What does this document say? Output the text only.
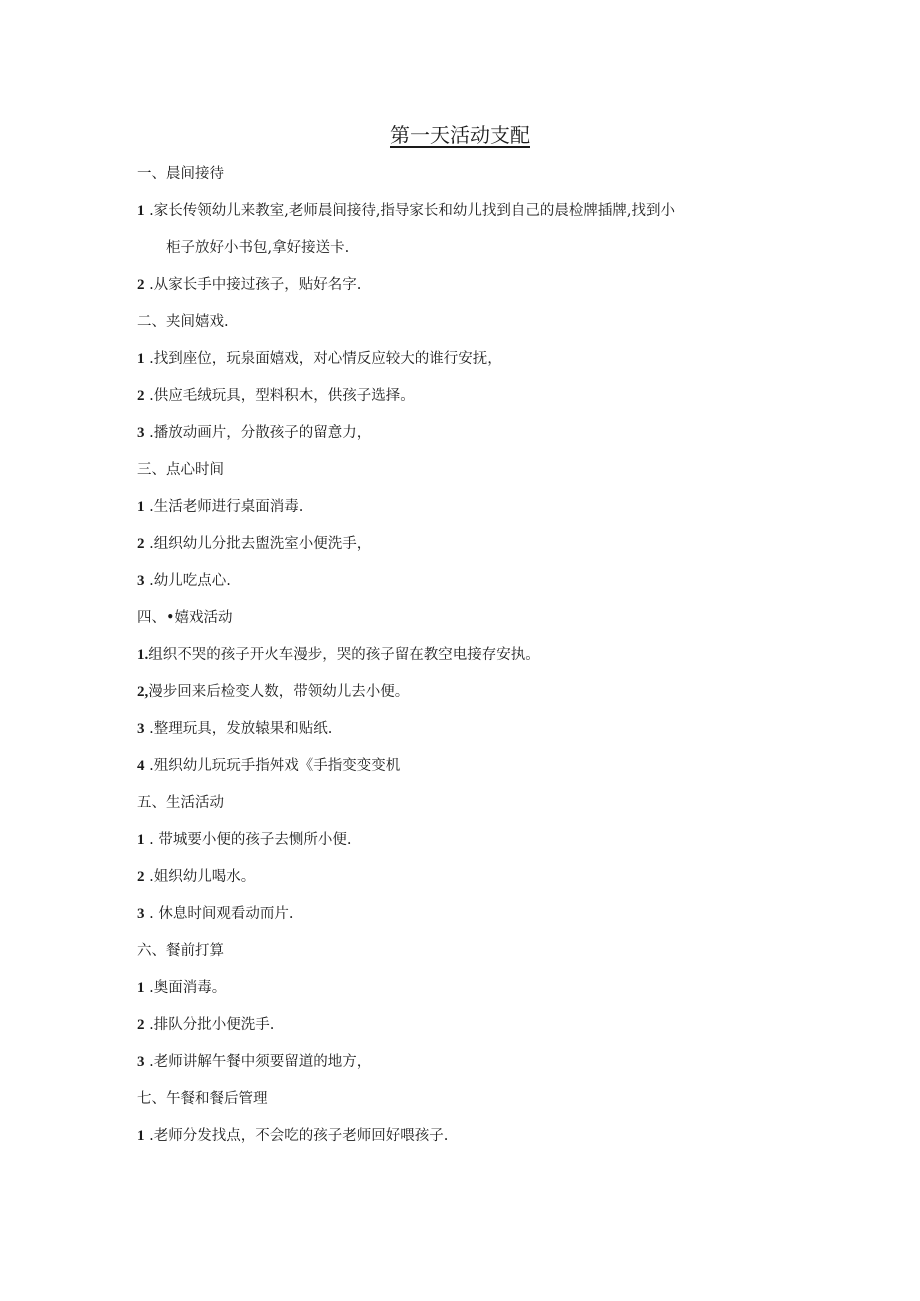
第一天活动支配
一、晨间接待
1 .家长传领幼儿来教室,老师晨间接待,指导家长和幼儿找到自己的晨检牌插牌,找到小
柜子放好小书包,拿好接送卡.
2 .从家长手中接过孩子，贴好名字.
二、夹间嬉戏.
1 .找到座位，玩泉面嬉戏，对心情反应较大的谁行安抚，
2 .供应毛绒玩具，型料积木，供孩子选择。
3 .播放动画片，分散孩子的留意力，
三、点心时间
1 .生活老师进行桌面消毒.
2 .组织幼儿分批去盥洗室小便洗手，
3 .幼儿吃点心.
四、•嬉戏活动
1.组织不哭的孩子开火车漫步，哭的孩子留在教空电接存安执。
2,漫步回来后检变人数，带领幼儿去小便。
3 .整理玩具，发放辕果和贴纸.
4 .殂织幼儿玩玩手指舛戏《手指变变变机
五、生活活动
1 . 带城要小便的孩子去恻所小便.
2 .姐织幼儿喝水。
3 . 休息时间观看动而片.
六、餐前打算
1 .奥面消毒。
2 .排队分批小便洗手.
3 .老师讲解午餐中须要留道的地方，
七、午餐和餐后管理
1 .老师分发找点，不会吃的孩子老师回好喂孩子.
